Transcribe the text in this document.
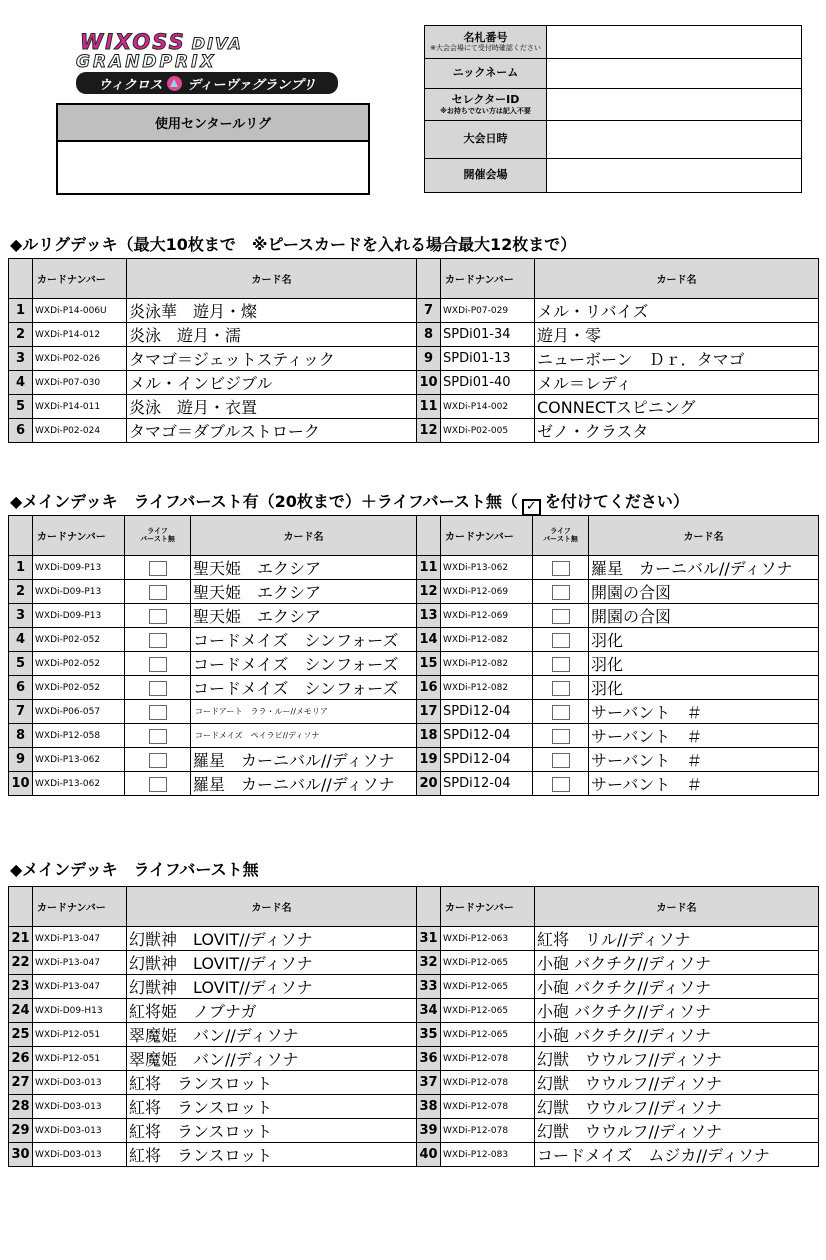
WIXOSS DIVA
GRANDPRIX
ウィクロス ディーヴァグランプリ
使用センタールリグ
名札番号
※大会会場にて受付時確認ください	

ニックネーム	
セレクターID
※お持ちでない方は記入不要	

大会日時	
開催会場	
◆ルリグデッキ（最大10枚まで　※ピースカードを入れる場合最大12枚まで）
	カードナンバー	カード名		カードナンバー	カード名
1	WXDi-P14-006U	炎泳華　遊月・燦	7	WXDi-P07-029	メル・リバイズ
2	WXDi-P14-012	炎泳　遊月・濡	8	SPDi01-34	遊月・零
3	WXDi-P02-026	タマゴ＝ジェットスティック	9	SPDi01-13	ニューボーン　Ｄｒ．タマゴ
4	WXDi-P07-030	メル・インビジブル	10	SPDi01-40	メル＝レディ
5	WXDi-P14-011	炎泳　遊月・衣置	11	WXDi-P14-002	CONNECTスピニング
6	WXDi-P02-024	タマゴ＝ダブルストローク	12	WXDi-P02-005	ゼノ・クラスタ
◆メインデッキ　ライフバースト有（20枚まで）＋ライフバースト無（ ✓ を付けてください）
	カードナンバー	ライフ
バースト無	カード名		カードナンバー	ライフ
バースト無	カード名
1	WXDi-D09-P13		聖天姫　エクシア	11	WXDi-P13-062		羅星　カーニバル//ディソナ
2	WXDi-D09-P13		聖天姫　エクシア	12	WXDi-P12-069		開園の合図
3	WXDi-D09-P13		聖天姫　エクシア	13	WXDi-P12-069		開園の合図
4	WXDi-P02-052		コードメイズ　シンフォーズ	14	WXDi-P12-082		羽化
5	WXDi-P02-052		コードメイズ　シンフォーズ	15	WXDi-P12-082		羽化
6	WXDi-P02-052		コードメイズ　シンフォーズ	16	WXDi-P12-082		羽化
7	WXDi-P06-057		コードアート　ララ・ルー//メモリア	17	SPDi12-04		サーバント　＃
8	WXDi-P12-058		コードメイズ　ペイラピ//ディソナ	18	SPDi12-04		サーバント　＃
9	WXDi-P13-062		羅星　カーニバル//ディソナ	19	SPDi12-04		サーバント　＃
10	WXDi-P13-062		羅星　カーニバル//ディソナ	20	SPDi12-04		サーバント　＃
◆メインデッキ　ライフバースト無
	カードナンバー	カード名		カードナンバー	カード名
21	WXDi-P13-047	幻獣神　LOVIT//ディソナ	31	WXDi-P12-063	紅将　リル//ディソナ
22	WXDi-P13-047	幻獣神　LOVIT//ディソナ	32	WXDi-P12-065	小砲 バクチク//ディソナ
23	WXDi-P13-047	幻獣神　LOVIT//ディソナ	33	WXDi-P12-065	小砲 バクチク//ディソナ
24	WXDi-D09-H13	紅将姫　ノブナガ	34	WXDi-P12-065	小砲 バクチク//ディソナ
25	WXDi-P12-051	翠魔姫　バン//ディソナ	35	WXDi-P12-065	小砲 バクチク//ディソナ
26	WXDi-P12-051	翠魔姫　バン//ディソナ	36	WXDi-P12-078	幻獣　ウウルフ//ディソナ
27	WXDi-D03-013	紅将　ランスロット	37	WXDi-P12-078	幻獣　ウウルフ//ディソナ
28	WXDi-D03-013	紅将　ランスロット	38	WXDi-P12-078	幻獣　ウウルフ//ディソナ
29	WXDi-D03-013	紅将　ランスロット	39	WXDi-P12-078	幻獣　ウウルフ//ディソナ
30	WXDi-D03-013	紅将　ランスロット	40	WXDi-P12-083	コードメイズ　ムジカ//ディソナ
